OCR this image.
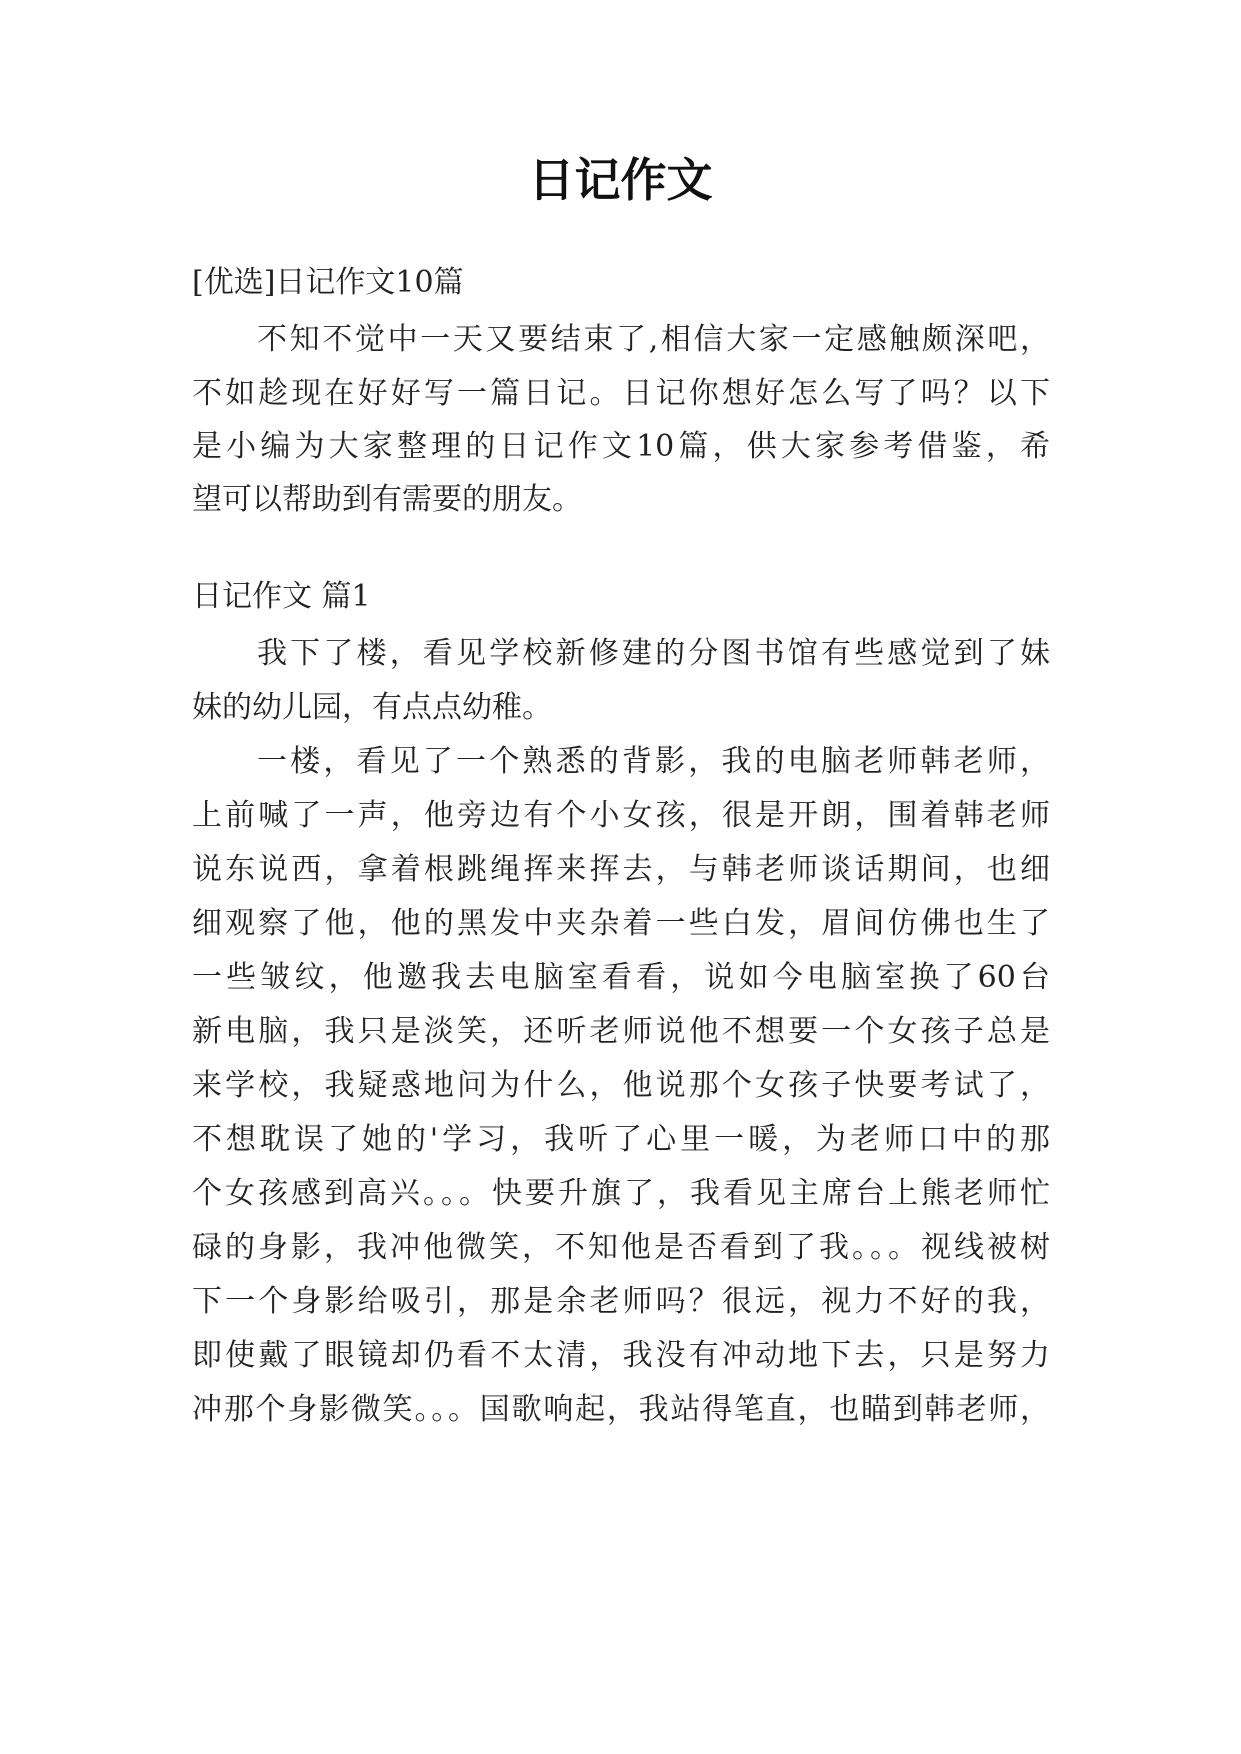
日记作文

[优选]日记作文10篇

不知不觉中一天又要结束了,相信大家一定感触颇深吧，

不如趁现在好好写一篇日记。日记你想好怎么写了吗？以下

是小编为大家整理的日记作文10篇，供大家参考借鉴，希

望可以帮助到有需要的朋友。

日记作文 篇1

我下了楼，看见学校新修建的分图书馆有些感觉到了妹

妹的幼儿园，有点点幼稚。

一楼，看见了一个熟悉的背影，我的电脑老师韩老师，

上前喊了一声，他旁边有个小女孩，很是开朗，围着韩老师

说东说西，拿着根跳绳挥来挥去，与韩老师谈话期间，也细

细观察了他，他的黑发中夹杂着一些白发，眉间仿佛也生了

一些皱纹，他邀我去电脑室看看，说如今电脑室换了60台

新电脑，我只是淡笑，还听老师说他不想要一个女孩子总是

来学校，我疑惑地问为什么，他说那个女孩子快要考试了，

不想耽误了她的'学习，我听了心里一暖，为老师口中的那

个女孩感到高兴。。。快要升旗了，我看见主席台上熊老师忙

碌的身影，我冲他微笑，不知他是否看到了我。。。视线被树

下一个身影给吸引，那是余老师吗？很远，视力不好的我，

即使戴了眼镜却仍看不太清，我没有冲动地下去，只是努力

冲那个身影微笑。。。国歌响起，我站得笔直，也瞄到韩老师，
